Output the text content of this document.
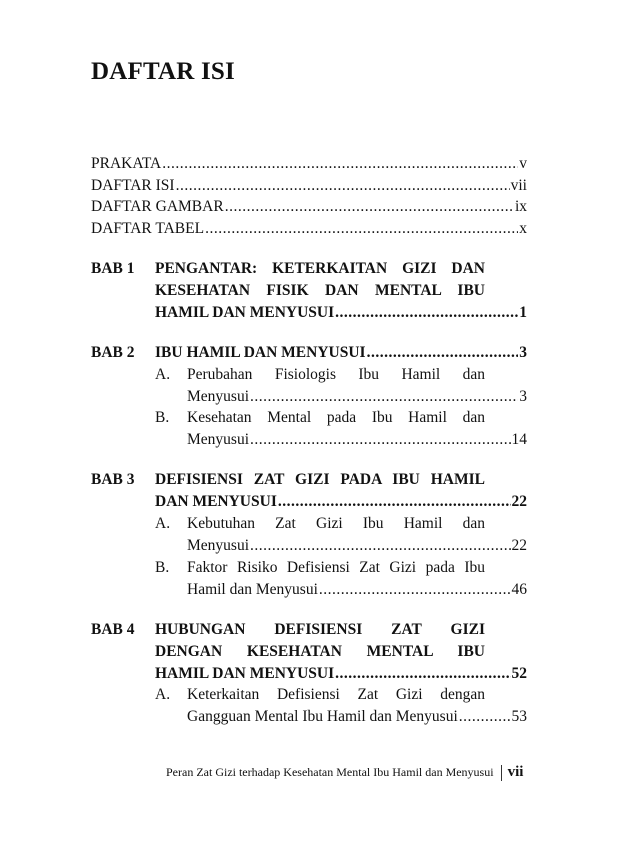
DAFTAR ISI
PRAKATA .....	v
DAFTAR ISI .....	vii
DAFTAR GAMBAR .....	ix
DAFTAR TABEL .....	x
BAB 1 PENGANTAR: KETERKAITAN GIZI DAN
KESEHATAN FISIK DAN MENTAL IBU
HAMIL DAN MENYUSUI .....	1
BAB 2 IBU HAMIL DAN MENYUSUI .....	3
A. Perubahan Fisiologis Ibu Hamil dan
Menyusui .....	3
B. Kesehatan Mental pada Ibu Hamil dan
Menyusui .....	14
BAB 3 DEFISIENSI ZAT GIZI PADA IBU HAMIL
DAN MENYUSUI .....	22
A. Kebutuhan Zat Gizi Ibu Hamil dan
Menyusui .....	22
B. Faktor Risiko Defisiensi Zat Gizi pada Ibu
Hamil dan Menyusui .....	46
BAB 4 HUBUNGAN DEFISIENSI ZAT GIZI
DENGAN KESEHATAN MENTAL IBU
HAMIL DAN MENYUSUI .....	52
A. Keterkaitan Defisiensi Zat Gizi dengan
Gangguan Mental Ibu Hamil dan Menyusui .....	53
Peran Zat Gizi terhadap Kesehatan Mental Ibu Hamil dan Menyusui vii
